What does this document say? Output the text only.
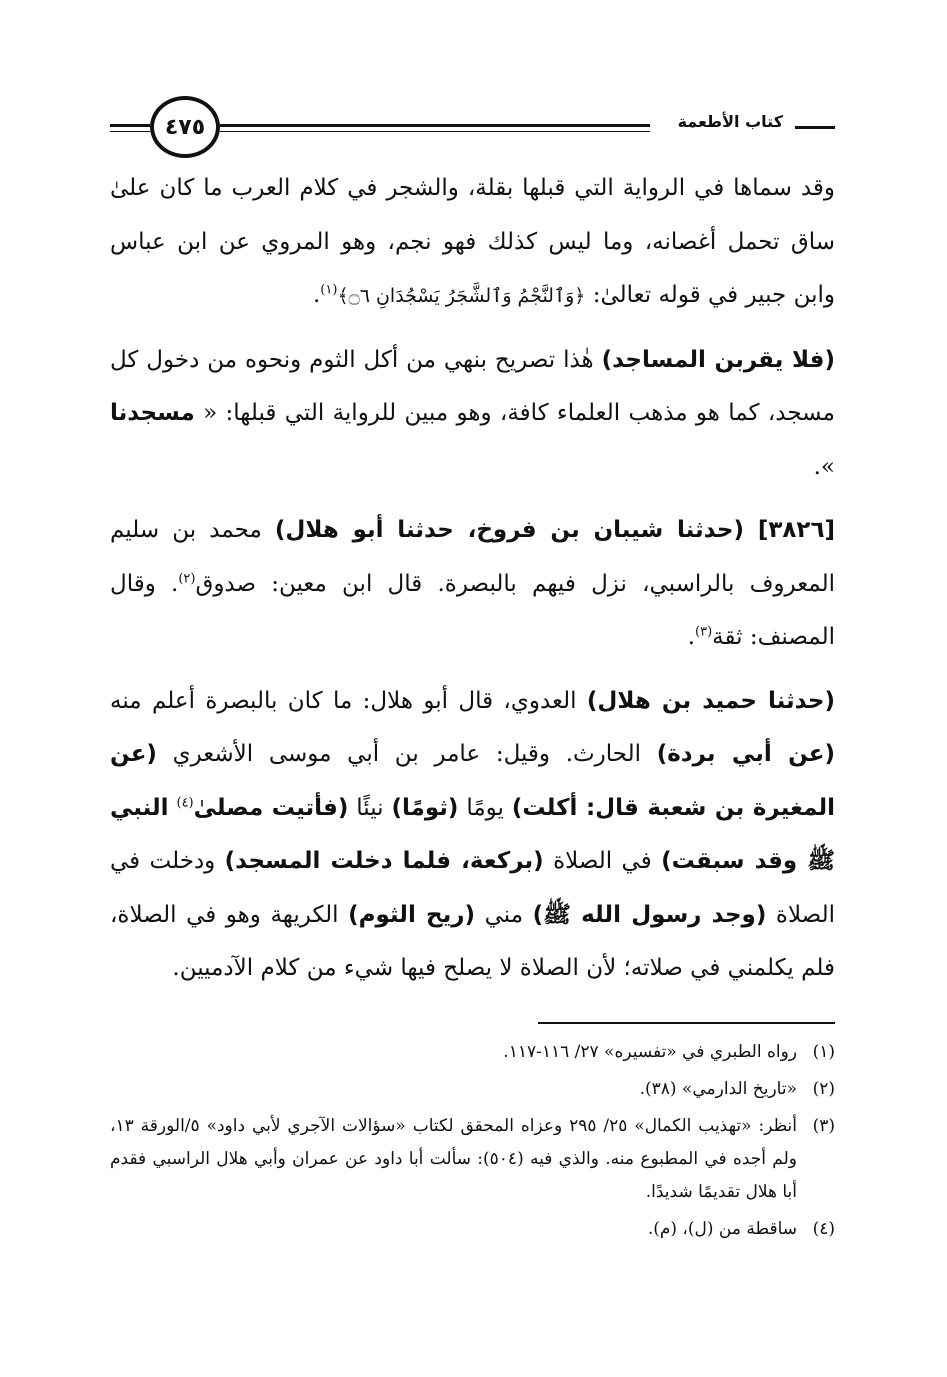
٤٧٥	كتاب الأطعمة

وقد سماها في الرواية التي قبلها بقلة، والشجر في كلام العرب ما كان علىٰ ساق تحمل أغصانه، وما ليس كذلك فهو نجم، وهو المروي عن ابن عباس وابن جبير في قوله تعالىٰ: ﴿وَٱلنَّجْمُ وَٱلشَّجَرُ يَسْجُدَانِ ۝٦﴾$^{(١)}$.

(فلا يقربن المساجد) هٰذا تصريح بنهي من أكل الثوم ونحوه من دخول كل مسجد، كما هو مذهب العلماء كافة، وهو مبين للرواية التي قبلها: « مسجدنا ».

[٣٨٢٦] (حدثنا شيبان بن فروخ، حدثنا أبو هلال) محمد بن سليم المعروف بالراسبي، نزل فيهم بالبصرة. قال ابن معين: صدوق$^{(٢)}$. وقال المصنف: ثقة$^{(٣)}$.

(حدثنا حميد بن هلال) العدوي، قال أبو هلال: ما كان بالبصرة أعلم منه (عن أبي بردة) الحارث. وقيل: عامر بن أبي موسى الأشعري (عن المغيرة بن شعبة قال: أكلت) يومًا (ثومًا) نيئًا (فأتيت مصلىٰ$^{(٤)}$ النبي ﷺ وقد سبقت) في الصلاة (بركعة، فلما دخلت المسجد) ودخلت في الصلاة (وجد رسول الله ﷺ) مني (ريح الثوم) الكريهة وهو في الصلاة، فلم يكلمني في صلاته؛ لأن الصلاة لا يصلح فيها شيء من كلام الآدميين.

(١)
رواه الطبري في «تفسيره» ٢٧/ ١١٦-١١٧.
(٢)
«تاريخ الدارمي» (٣٨).
(٣)
أنظر: «تهذيب الكمال» ٢٥/ ٢٩٥ وعزاه المحقق لكتاب «سؤالات الآجري لأبي داود» ٥/الورقة ١٣، ولم أجده في المطبوع منه. والذي فيه (٥٠٤): سألت أبا داود عن عمران وأبي هلال الراسبي فقدم أبا هلال تقديمًا شديدًا.
(٤)
ساقطة من (ل)، (م).
